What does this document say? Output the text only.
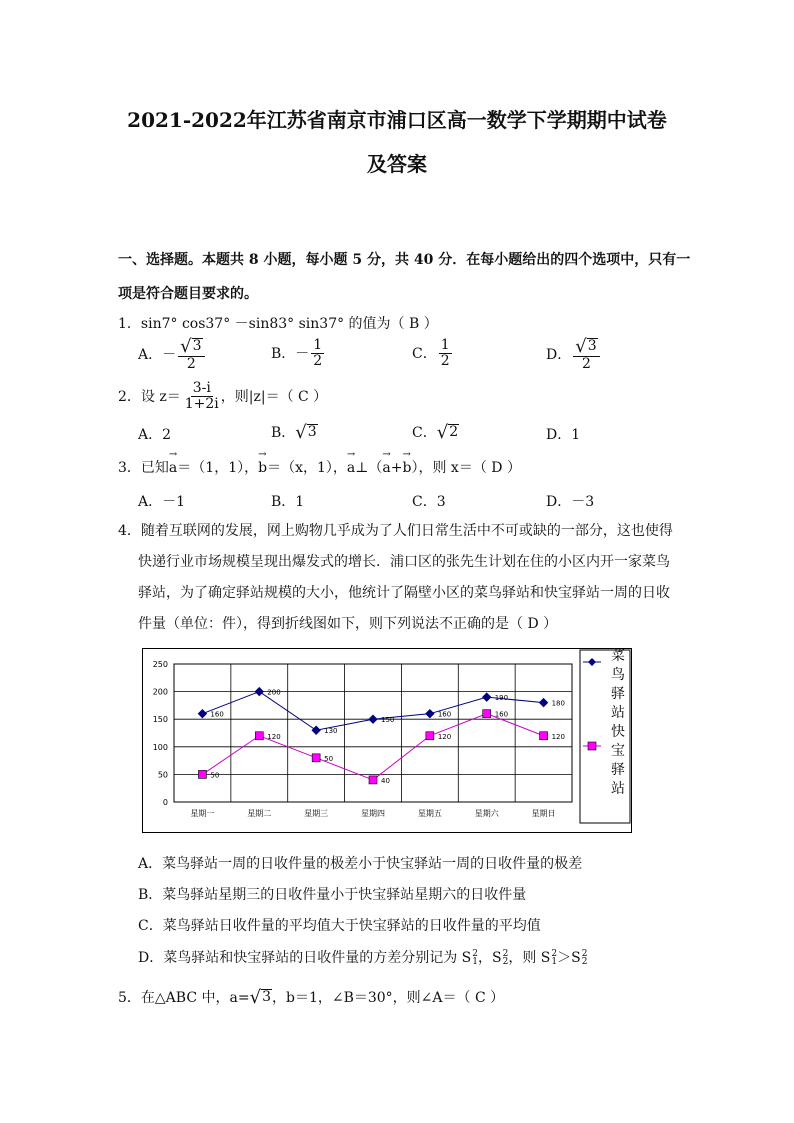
2021-2022年江苏省南京市浦口区高一数学下学期期中试卷
及答案
一、选择题。本题共 8 小题，每小题 5 分，共 40 分．在每小题给出的四个选项中，只有一
项是符合题目要求的。
1．sin7° cos37° －sin83° sin37° 的值为（ B ）
A．－ $\frac{√ 3}{2}$	B．－ $\frac{1}{2}$	C． $\frac{1}{2}$	D． $\frac{√ 3}{2}$
2．设 $z= \frac{3-i}{1+2i}$ ，则|z|＝（ C ）
A．2	B． √ 3	C． √ 2	D．1
3．已知→ a＝（1，1），→ b＝（x，1），→ a⊥（→ a+→ b），则 x＝（ D ）
A．－1	B．1	C．3	D．－3
4．随着互联网的发展，网上购物几乎成为了人们日常生活中不可或缺的一部分，这也使得
快递行业市场规模呈现出爆发式的增长．浦口区的张先生计划在住的小区内开一家菜鸟
驿站，为了确定驿站规模的大小，他统计了隔壁小区的菜鸟驿站和快宝驿站一周的日收
件量（单位：件），得到折线图如下，则下列说法不正确的是（ D ）
0
50
100
150
200
250
星期一	星期二	星期三	星期四	星期五	星期六	星期日
160
200
130
150
160
190
180
50
120
50
40
120
160
120
菜
鸟
驿
站
快
宝
驿
站
A．菜鸟驿站一周的日收件量的极差小于快宝驿站一周的日收件量的极差
B．菜鸟驿站星期三的日收件量小于快宝驿站星期六的日收件量
C．菜鸟驿站日收件量的平均值大于快宝驿站的日收件量的平均值
D．菜鸟驿站和快宝驿站的日收件量的方差分别记为 S 2
1 ，S 2
2 ，则 S 2
1 ＞S 2
2
5．在△ABC 中，a= √ 3 ，b＝1，∠B＝30°，则∠A＝（ C ）
